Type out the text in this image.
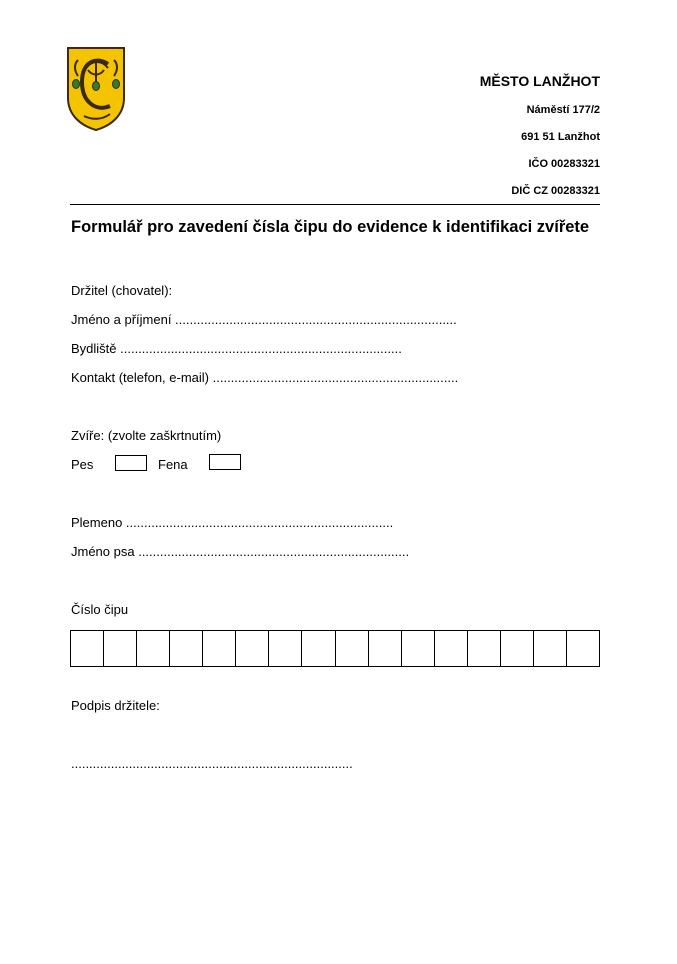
MĚSTO LANŽHOT
Náměstí 177/2
691 51 Lanžhot
IČO 00283321
DIČ CZ 00283321
Formulář pro zavedení čísla čipu do evidence k identifikaci zvířete
Držitel (chovatel):
Jméno a příjmení ..............................................................................
Bydliště ..............................................................................
Kontakt (telefon, e-mail) ....................................................................
Zvíře: (zvolte zaškrtnutím)
Pes	Fena
Plemeno ..........................................................................
Jméno psa ...........................................................................
Číslo čipu
Podpis držitele:
..............................................................................
